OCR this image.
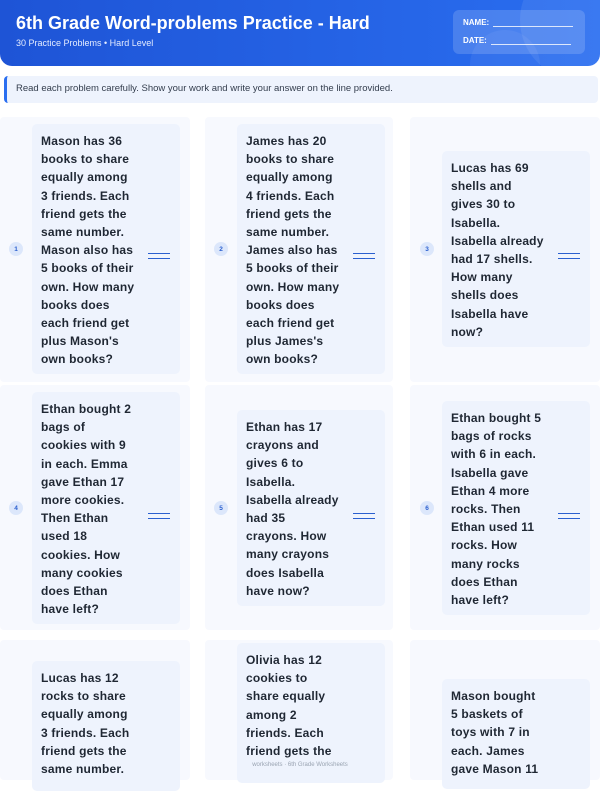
6th Grade Word-problems Practice - Hard
30 Practice Problems • Hard Level
NAME:
DATE:
Read each problem carefully. Show your work and write your answer on the line provided.
1
Mason has 36
books to share
equally among
3 friends. Each
friend gets the
same number.
Mason also has
5 books of their
own. How many
books does
each friend get
plus Mason's
own books?
2
James has 20
books to share
equally among
4 friends. Each
friend gets the
same number.
James also has
5 books of their
own. How many
books does
each friend get
plus James's
own books?
3
Lucas has 69
shells and
gives 30 to
Isabella.
Isabella already
had 17 shells.
How many
shells does
Isabella have
now?
4
Ethan bought 2
bags of
cookies with 9
in each. Emma
gave Ethan 17
more cookies.
Then Ethan
used 18
cookies. How
many cookies
does Ethan
have left?
5
Ethan has 17
crayons and
gives 6 to
Isabella.
Isabella already
had 35
crayons. How
many crayons
does Isabella
have now?
6
Ethan bought 5
bags of rocks
with 6 in each.
Isabella gave
Ethan 4 more
rocks. Then
Ethan used 11
rocks. How
many rocks
does Ethan
have left?
Lucas has 12
rocks to share
equally among
3 friends. Each
friend gets the
same number.
Olivia has 12
cookies to
share equally
among 2
friends. Each
friend gets the
Mason bought
5 baskets of
toys with 7 in
each. James
gave Mason 11
worksheets · 6th Grade Worksheets
